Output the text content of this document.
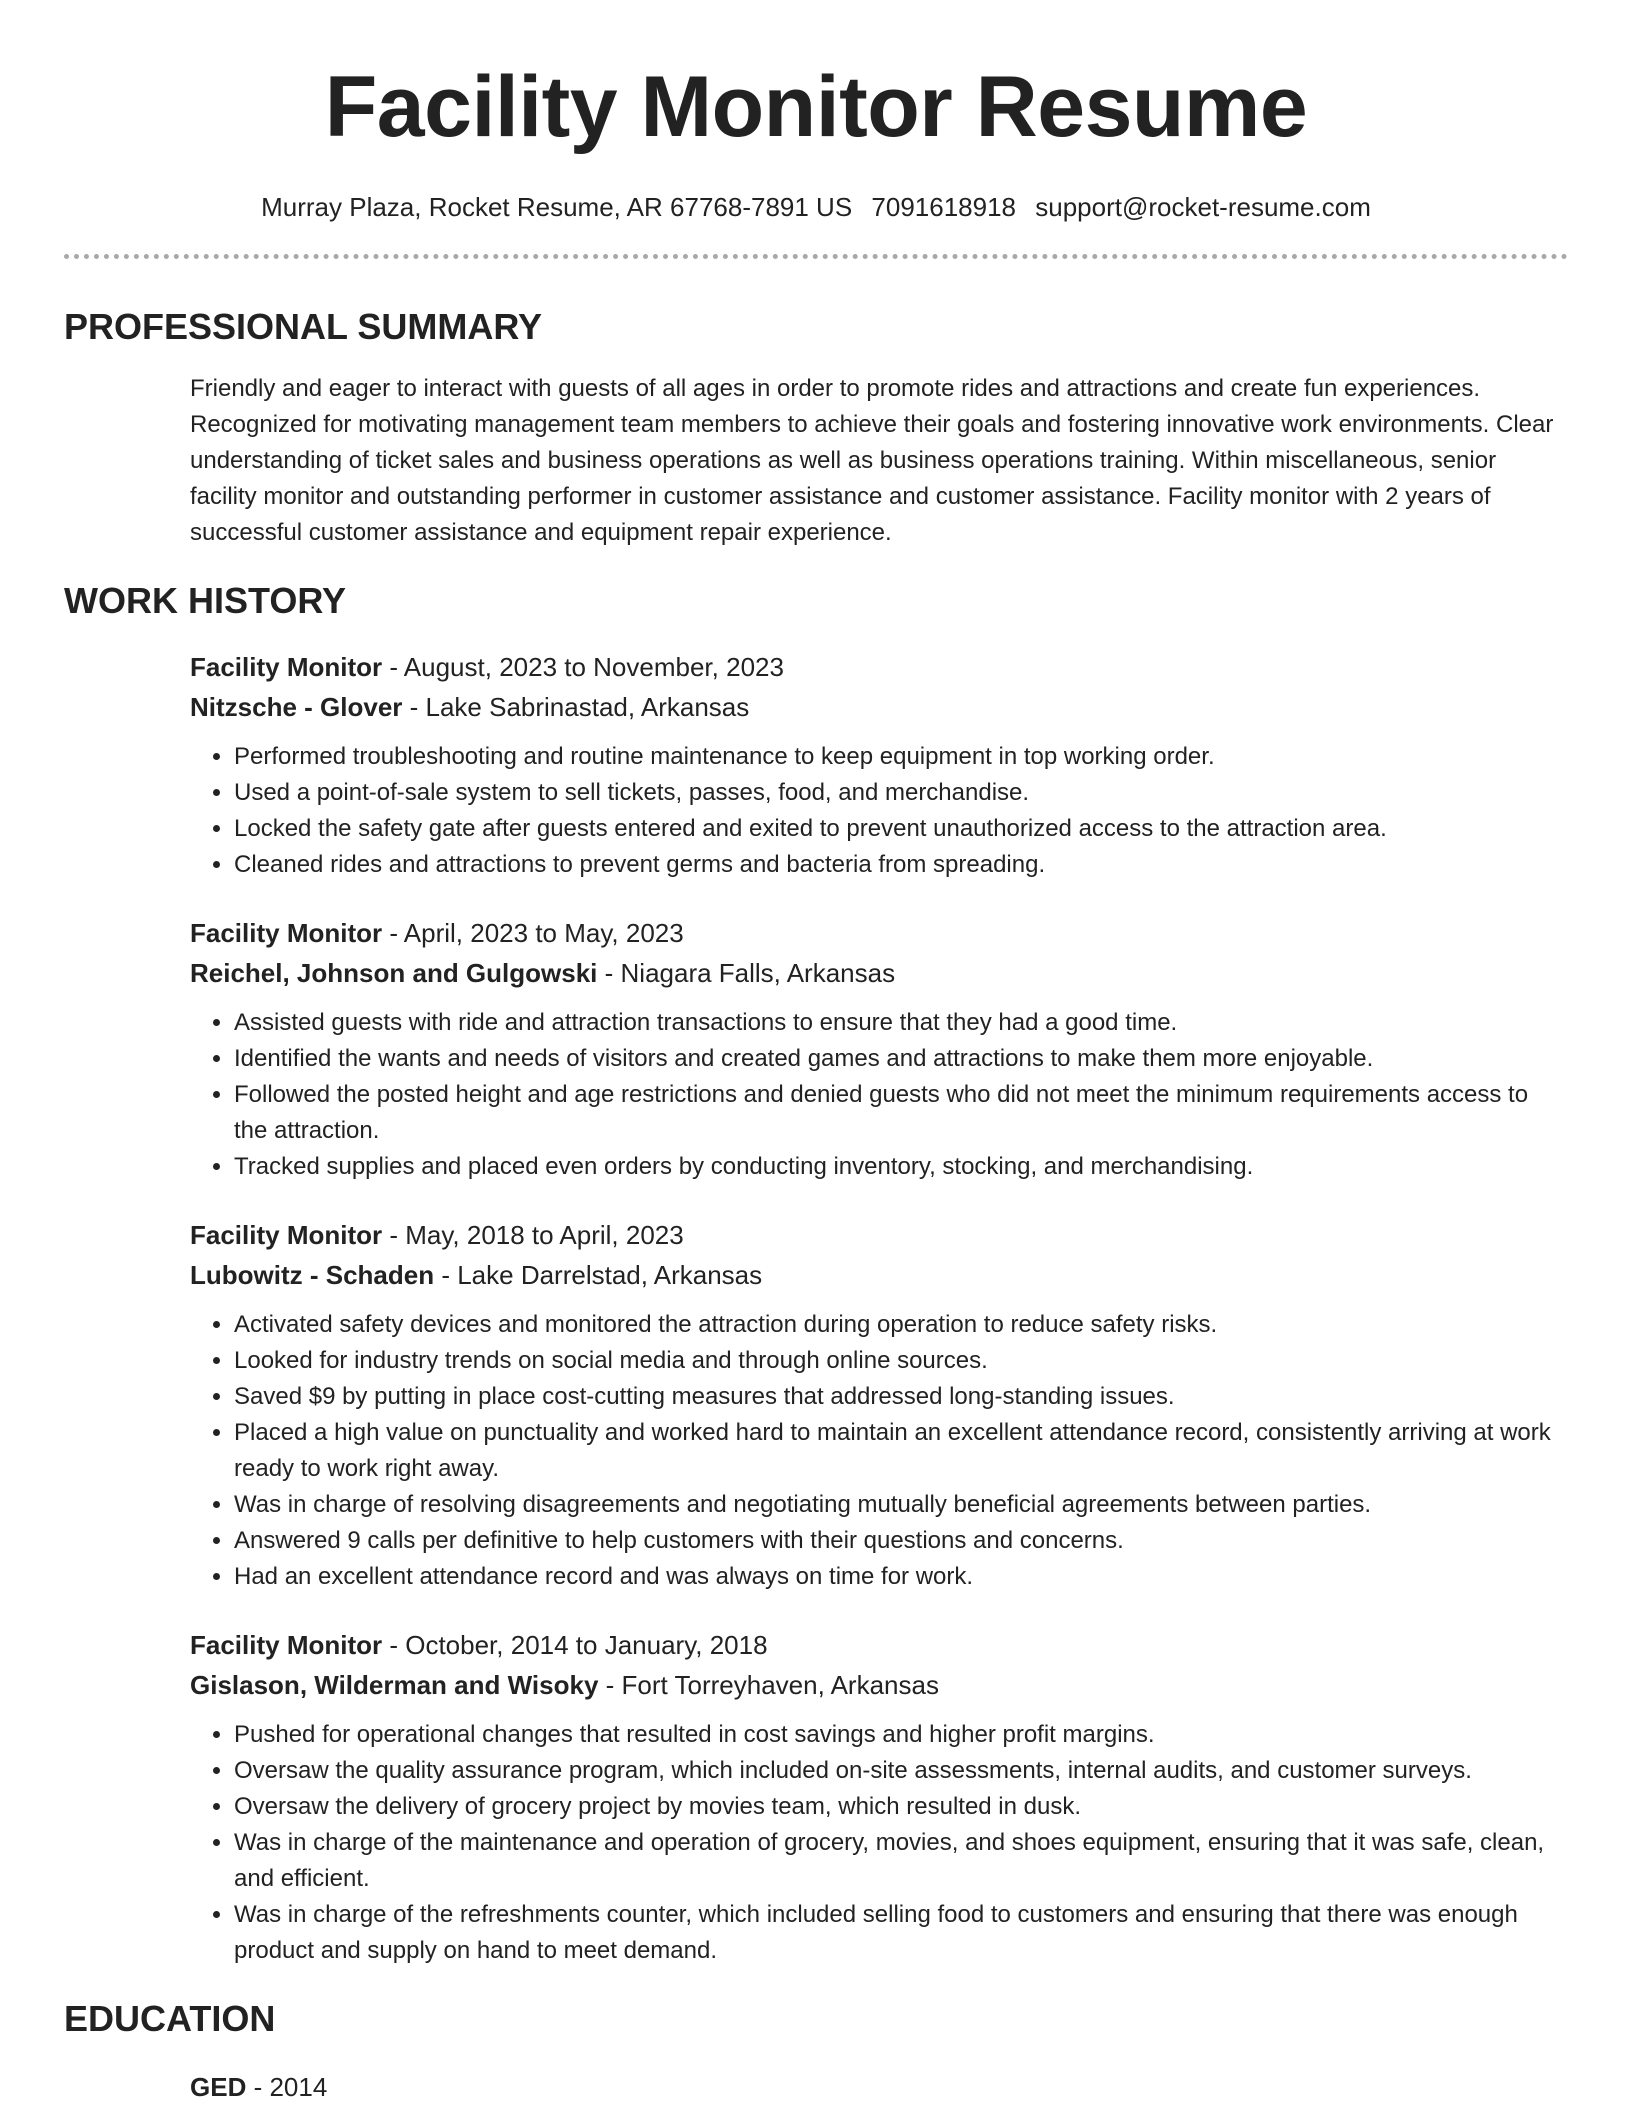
Facility Monitor Resume
Murray Plaza, Rocket Resume, AR 67768-7891 US 7091618918 support@rocket-resume.com
PROFESSIONAL SUMMARY

Friendly and eager to interact with guests of all ages in order to promote rides and attractions and create fun experiences. Recognized for motivating management team members to achieve their goals and fostering innovative work environments. Clear understanding of ticket sales and business operations as well as business operations training. Within miscellaneous, senior facility monitor and outstanding performer in customer assistance and customer assistance. Facility monitor with 2 years of successful customer assistance and equipment repair experience.

WORK HISTORY
Facility Monitor - August, 2023 to November, 2023
Nitzsche - Glover - Lake Sabrinastad, Arkansas
• Performed troubleshooting and routine maintenance to keep equipment in top working order.
• Used a point-of-sale system to sell tickets, passes, food, and merchandise.
• Locked the safety gate after guests entered and exited to prevent unauthorized access to the attraction area.
• Cleaned rides and attractions to prevent germs and bacteria from spreading.
Facility Monitor - April, 2023 to May, 2023
Reichel, Johnson and Gulgowski - Niagara Falls, Arkansas
• Assisted guests with ride and attraction transactions to ensure that they had a good time.
• Identified the wants and needs of visitors and created games and attractions to make them more enjoyable.
• Followed the posted height and age restrictions and denied guests who did not meet the minimum requirements access to the attraction.
• Tracked supplies and placed even orders by conducting inventory, stocking, and merchandising.
Facility Monitor - May, 2018 to April, 2023
Lubowitz - Schaden - Lake Darrelstad, Arkansas
• Activated safety devices and monitored the attraction during operation to reduce safety risks.
• Looked for industry trends on social media and through online sources.
• Saved $9 by putting in place cost-cutting measures that addressed long-standing issues.
• Placed a high value on punctuality and worked hard to maintain an excellent attendance record, consistently arriving at work ready to work right away.
• Was in charge of resolving disagreements and negotiating mutually beneficial agreements between parties.
• Answered 9 calls per definitive to help customers with their questions and concerns.
• Had an excellent attendance record and was always on time for work.
Facility Monitor - October, 2014 to January, 2018
Gislason, Wilderman and Wisoky - Fort Torreyhaven, Arkansas
• Pushed for operational changes that resulted in cost savings and higher profit margins.
• Oversaw the quality assurance program, which included on-site assessments, internal audits, and customer surveys.
• Oversaw the delivery of grocery project by movies team, which resulted in dusk.
• Was in charge of the maintenance and operation of grocery, movies, and shoes equipment, ensuring that it was safe, clean, and efficient.
• Was in charge of the refreshments counter, which included selling food to customers and ensuring that there was enough product and supply on hand to meet demand.
EDUCATION
GED - 2014
